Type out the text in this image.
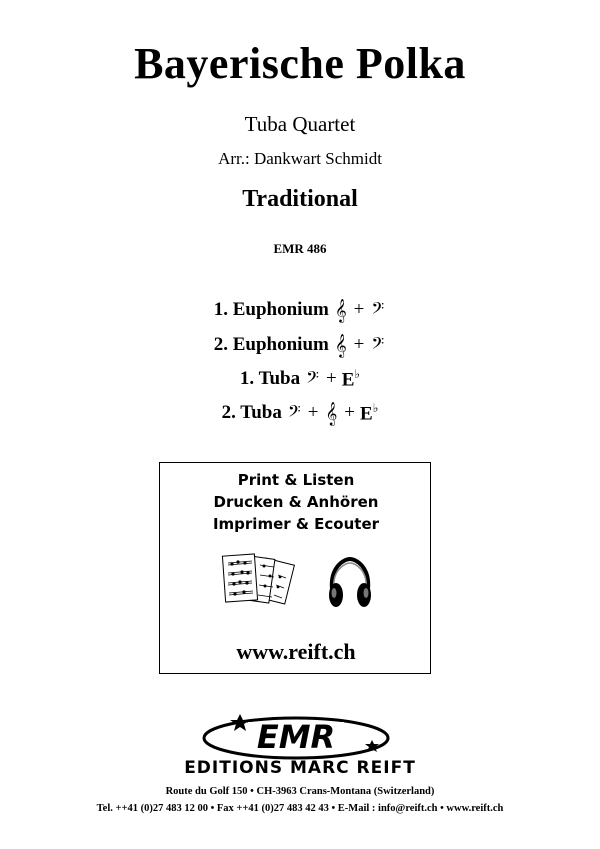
Bayerische Polka
Tuba Quartet
Arr.: Dankwart Schmidt
Traditional
EMR 486
1. Euphonium 𝄞 + 𝄢
2. Euphonium 𝄞 + 𝄢
1. Tuba 𝄢 + E♭
2. Tuba 𝄢 + 𝄞 + E♭
Print & Listen
Drucken & Anhören
Imprimer & Ecouter
www.reift.ch
EMR
EDITIONS MARC REIFT
Route du Golf 150 • CH-3963 Crans-Montana (Switzerland)
Tel. ++41 (0)27 483 12 00 • Fax ++41 (0)27 483 42 43 • E-Mail : info@reift.ch • www.reift.ch
